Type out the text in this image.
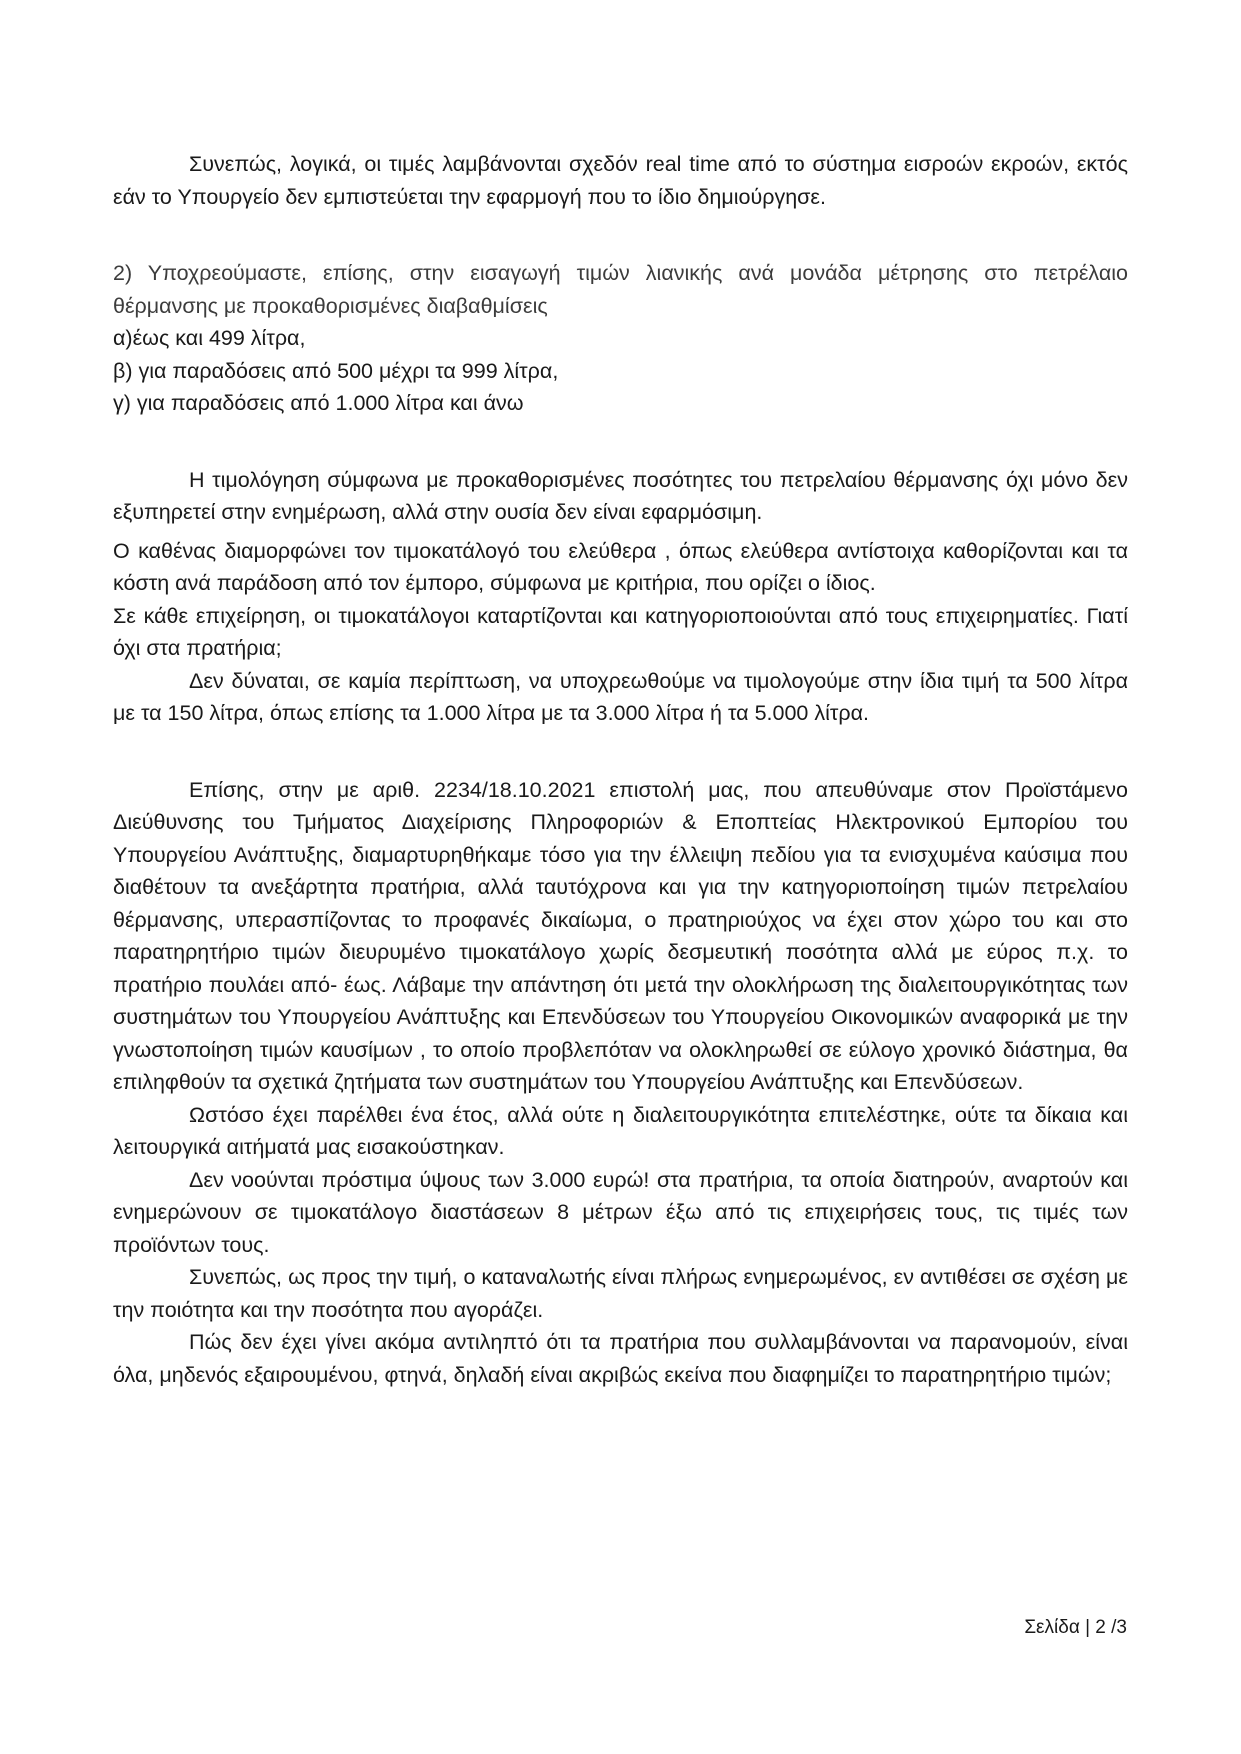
Συνεπώς, λογικά, οι τιμές λαμβάνονται σχεδόν real time από το σύστημα εισροών εκροών, εκτός εάν το Υπουργείο δεν εμπιστεύεται την εφαρμογή που το ίδιο δημιούργησε.

2) Υποχρεούμαστε, επίσης, στην εισαγωγή τιμών λιανικής ανά μονάδα μέτρησης στο πετρέλαιο θέρμανσης με προκαθορισμένες διαβαθμίσεις

α)έως και 499 λίτρα,

β) για παραδόσεις από 500 μέχρι τα 999 λίτρα,

γ) για παραδόσεις από 1.000 λίτρα και άνω

Η τιμολόγηση σύμφωνα με προκαθορισμένες ποσότητες του πετρελαίου θέρμανσης όχι μόνο δεν εξυπηρετεί στην ενημέρωση, αλλά στην ουσία δεν είναι εφαρμόσιμη.

Ο καθένας διαμορφώνει τον τιμοκατάλογό του ελεύθερα , όπως ελεύθερα αντίστοιχα καθορίζονται και τα κόστη ανά παράδοση από τον έμπορο, σύμφωνα με κριτήρια, που ορίζει ο ίδιος.

Σε κάθε επιχείρηση, οι τιμοκατάλογοι καταρτίζονται και κατηγοριοποιούνται από τους επιχειρηματίες. Γιατί όχι στα πρατήρια;

Δεν δύναται, σε καμία περίπτωση, να υποχρεωθούμε να τιμολογούμε στην ίδια τιμή τα 500 λίτρα με τα 150 λίτρα, όπως επίσης τα 1.000 λίτρα με τα 3.000 λίτρα ή τα 5.000 λίτρα.

Επίσης, στην με αριθ. 2234/18.10.2021 επιστολή μας, που απευθύναμε στον Προϊστάμενο Διεύθυνσης του Τμήματος Διαχείρισης Πληροφοριών & Εποπτείας Ηλεκτρονικού Εμπορίου του Υπουργείου Ανάπτυξης, διαμαρτυρηθήκαμε τόσο για την έλλειψη πεδίου για τα ενισχυμένα καύσιμα που διαθέτουν τα ανεξάρτητα πρατήρια, αλλά ταυτόχρονα και για την κατηγοριοποίηση τιμών πετρελαίου θέρμανσης, υπερασπίζοντας το προφανές δικαίωμα, ο πρατηριούχος να έχει στον χώρο του και στο παρατηρητήριο τιμών διευρυμένο τιμοκατάλογο χωρίς δεσμευτική ποσότητα αλλά με εύρος π.χ. το πρατήριο πουλάει από- έως. Λάβαμε την απάντηση ότι μετά την ολοκλήρωση της διαλειτουργικότητας των συστημάτων του Υπουργείου Ανάπτυξης και Επενδύσεων του Υπουργείου Οικονομικών αναφορικά με την γνωστοποίηση τιμών καυσίμων , το οποίο προβλεπόταν να ολοκληρωθεί σε εύλογο χρονικό διάστημα, θα επιληφθούν τα σχετικά ζητήματα των συστημάτων του Υπουργείου Ανάπτυξης και Επενδύσεων.

Ωστόσο έχει παρέλθει ένα έτος, αλλά ούτε η διαλειτουργικότητα επιτελέστηκε, ούτε τα δίκαια και λειτουργικά αιτήματά μας εισακούστηκαν.

Δεν νοούνται πρόστιμα ύψους των 3.000 ευρώ! στα πρατήρια, τα οποία διατηρούν, αναρτούν και ενημερώνουν σε τιμοκατάλογο διαστάσεων 8 μέτρων έξω από τις επιχειρήσεις τους, τις τιμές των προϊόντων τους.

Συνεπώς, ως προς την τιμή, ο καταναλωτής είναι πλήρως ενημερωμένος, εν αντιθέσει σε σχέση με την ποιότητα και την ποσότητα που αγοράζει.

Πώς δεν έχει γίνει ακόμα αντιληπτό ότι τα πρατήρια που συλλαμβάνονται να παρανομούν, είναι όλα, μηδενός εξαιρουμένου, φτηνά, δηλαδή είναι ακριβώς εκείνα που διαφημίζει το παρατηρητήριο τιμών;

Σελίδα | 2 /3
